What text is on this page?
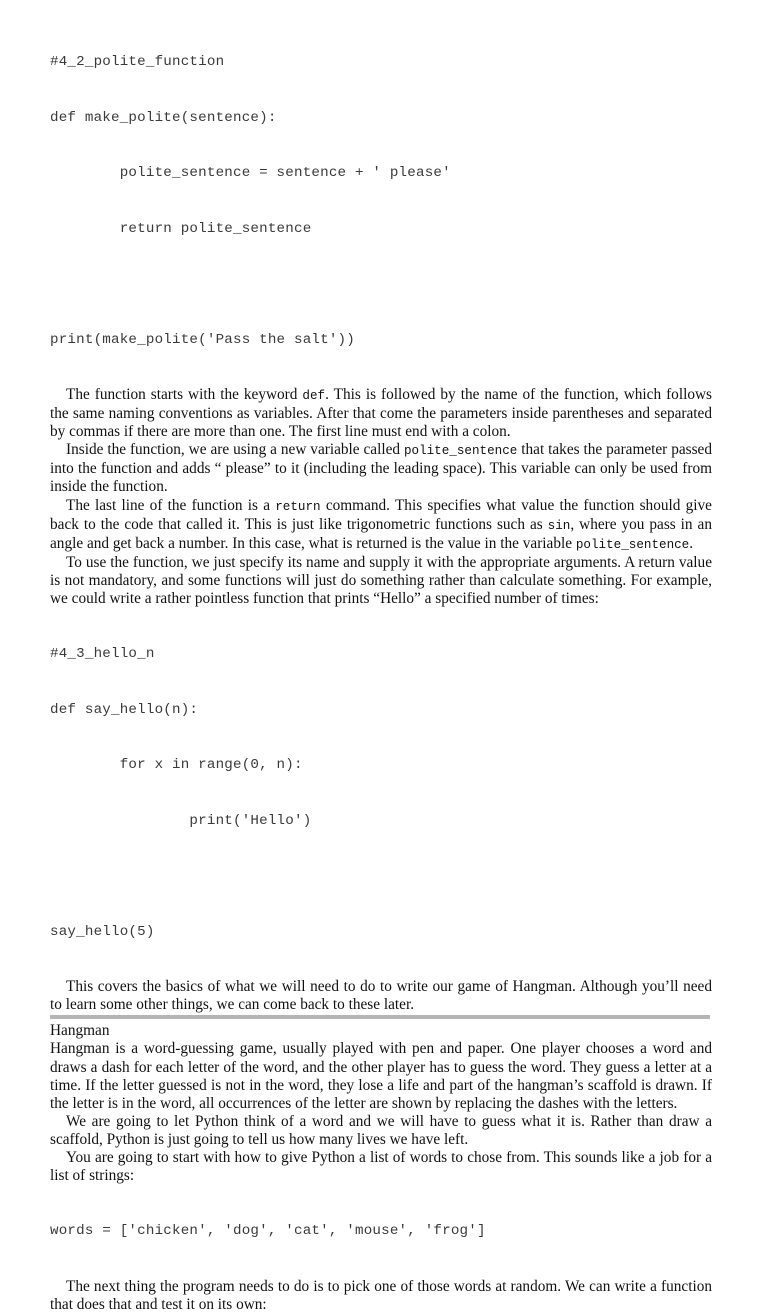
#4_2_polite_function

def make_polite(sentence):

polite_sentence = sentence + ' please'

return polite_sentence

print(make_polite('Pass the salt'))

The function starts with the keyword def. This is followed by the name of the function, which follows the same naming conventions as variables. After that come the parameters inside parentheses and separated by commas if there are more than one. The first line must end with a colon.

Inside the function, we are using a new variable called polite_sentence that takes the parameter passed into the function and adds “ please” to it (including the leading space). This variable can only be used from inside the function.

The last line of the function is a return command. This specifies what value the function should give back to the code that called it. This is just like trigonometric functions such as sin, where you pass in an angle and get back a number. In this case, what is returned is the value in the variable polite_sentence.

To use the function, we just specify its name and supply it with the appropriate arguments. A return value is not mandatory, and some functions will just do something rather than calculate something. For example, we could write a rather pointless function that prints “Hello” a specified number of times:

#4_3_hello_n

def say_hello(n):

for x in range(0, n):

print('Hello')

say_hello(5)

This covers the basics of what we will need to do to write our game of Hangman. Although you’ll need to learn some other things, we can come back to these later.

Hangman

Hangman is a word-guessing game, usually played with pen and paper. One player chooses a word and draws a dash for each letter of the word, and the other player has to guess the word. They guess a letter at a time. If the letter guessed is not in the word, they lose a life and part of the hangman’s scaffold is drawn. If the letter is in the word, all occurrences of the letter are shown by replacing the dashes with the letters.

We are going to let Python think of a word and we will have to guess what it is. Rather than draw a scaffold, Python is just going to tell us how many lives we have left.

You are going to start with how to give Python a list of words to chose from. This sounds like a job for a list of strings:

words = ['chicken', 'dog', 'cat', 'mouse', 'frog']

The next thing the program needs to do is to pick one of those words at random. We can write a function that does that and test it on its own:
